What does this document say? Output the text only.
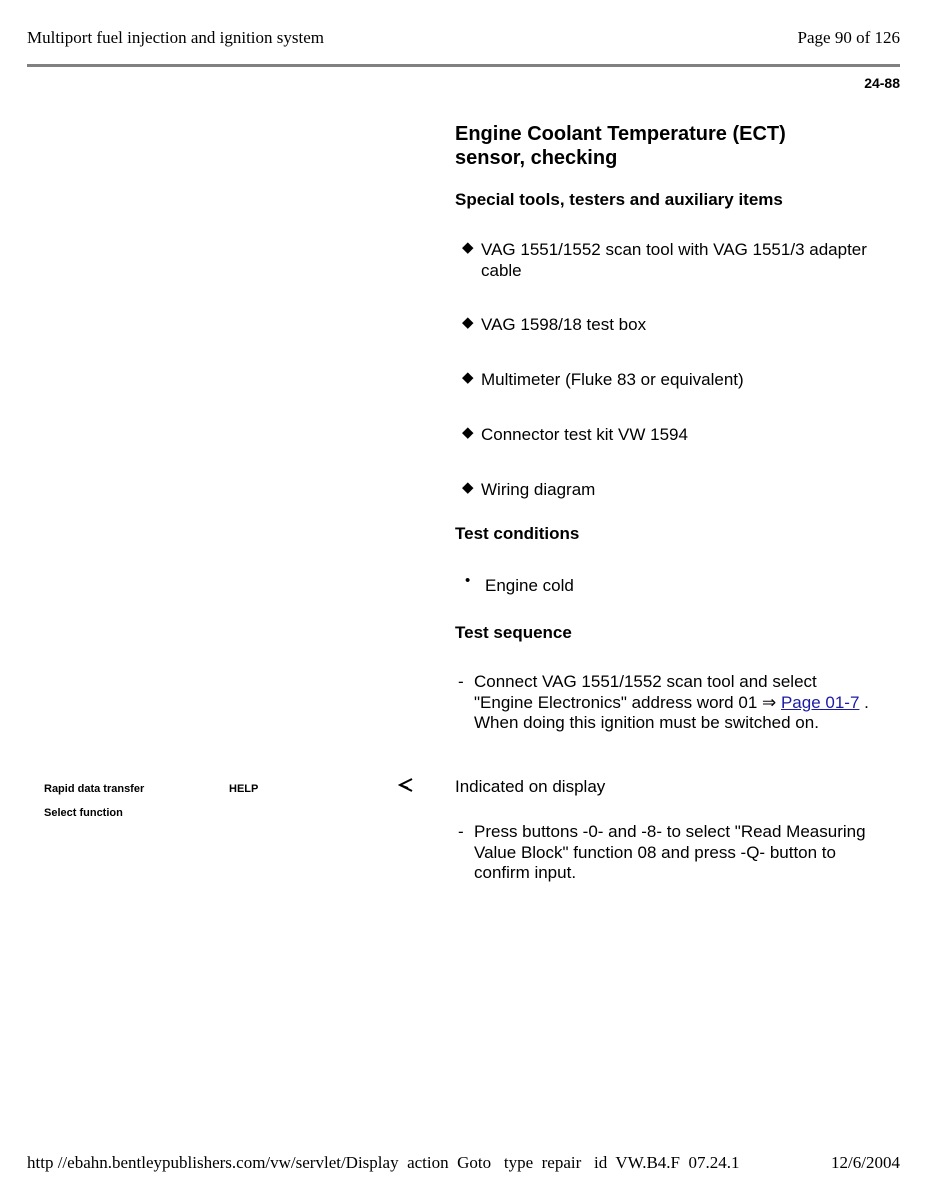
Multiport fuel injection and ignition system	Page 90 of 126
24-88
Engine Coolant Temperature (ECT)
sensor, checking
Special tools, testers and auxiliary items
◆ VAG 1551/1552 scan tool with VAG 1551/3 adapter cable
◆ VAG 1598/18 test box
◆ Multimeter (Fluke 83 or equivalent)
◆ Connector test kit VW 1594
◆ Wiring diagram
Test conditions
• Engine cold
Test sequence
- Connect VAG 1551/1552 scan tool and select "Engine Electronics" address word 01 ⇒ Page 01-7 . When doing this ignition must be switched on.
Indicated on display
Rapid data transfer	HELP
Select function
- Press buttons -0- and -8- to select "Read Measuring Value Block" function 08 and press -Q- button to confirm input.
http //ebahn.bentleypublishers.com/vw/servlet/Display  action  Goto   type  repair   id  VW.B4.F  07.24.1	12/6/2004
